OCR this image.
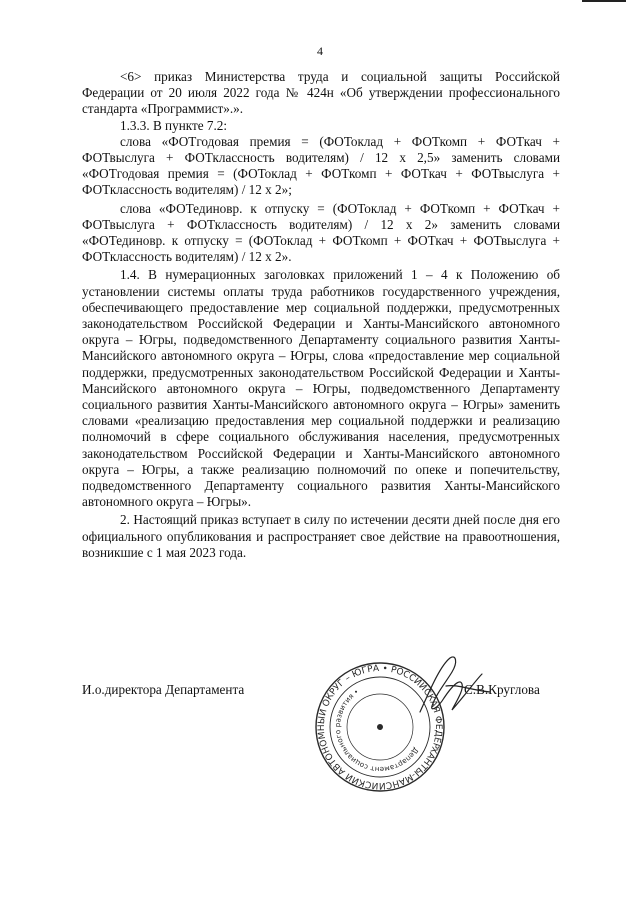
4

<6> приказ Министерства труда и социальной защиты Российской Федерации от 20 июля 2022 года № 424н «Об утверждении профессионального стандарта «Программист».».

1.3.3. В пункте 7.2:

слова «ФОТгодовая премия = (ФОТоклад + ФОТкомп + ФОТкач + ФОТвыслуга + ФОТклассность водителям) / 12 х 2,5» заменить словами «ФОТгодовая премия = (ФОТоклад + ФОТкомп + ФОТкач + ФОТвыслуга + ФОТклассность водителям) / 12 х 2»;

слова «ФОТединовр. к отпуску = (ФОТоклад + ФОТкомп + ФОТкач + ФОТвыслуга + ФОТклассность водителям) / 12 х 2» заменить словами «ФОТединовр. к отпуску = (ФОТоклад + ФОТкомп + ФОТкач + ФОТвыслуга + ФОТклассность водителям) / 12 х 2».

1.4. В нумерационных заголовках приложений 1 – 4 к Положению об установлении системы оплаты труда работников государственного учреждения, обеспечивающего предоставление мер социальной поддержки, предусмотренных законодательством Российской Федерации и Ханты-Мансийского автономного округа – Югры, подведомственного Департаменту социального развития Ханты-Мансийского автономного округа – Югры, слова «предоставление мер социальной поддержки, предусмотренных законодательством Российской Федерации и Ханты-Мансийского автономного округа – Югры, подведомственного Департаменту социального развития Ханты-Мансийского автономного округа – Югры» заменить словами «реализацию предоставления мер социальной поддержки и реализацию полномочий в сфере социального обслуживания населения, предусмотренных законодательством Российской Федерации и Ханты-Мансийского автономного округа – Югры, а также реализацию полномочий по опеке и попечительству, подведомственного Департаменту социального развития Ханты-Мансийского автономного округа – Югры».

2. Настоящий приказ вступает в силу по истечении десяти дней после дня его официального опубликования и распространяет свое действие на правоотношения, возникшие с 1 мая 2023 года.

И.о.директора Департамента	С.В.Круглова
ХАНТЫ-МАНСИЙСКИЙ АВТОНОМНЫЙ ОКРУГ – ЮГРА • РОССИЙСКАЯ ФЕДЕРАЦИЯ
Департамент социального развития •
